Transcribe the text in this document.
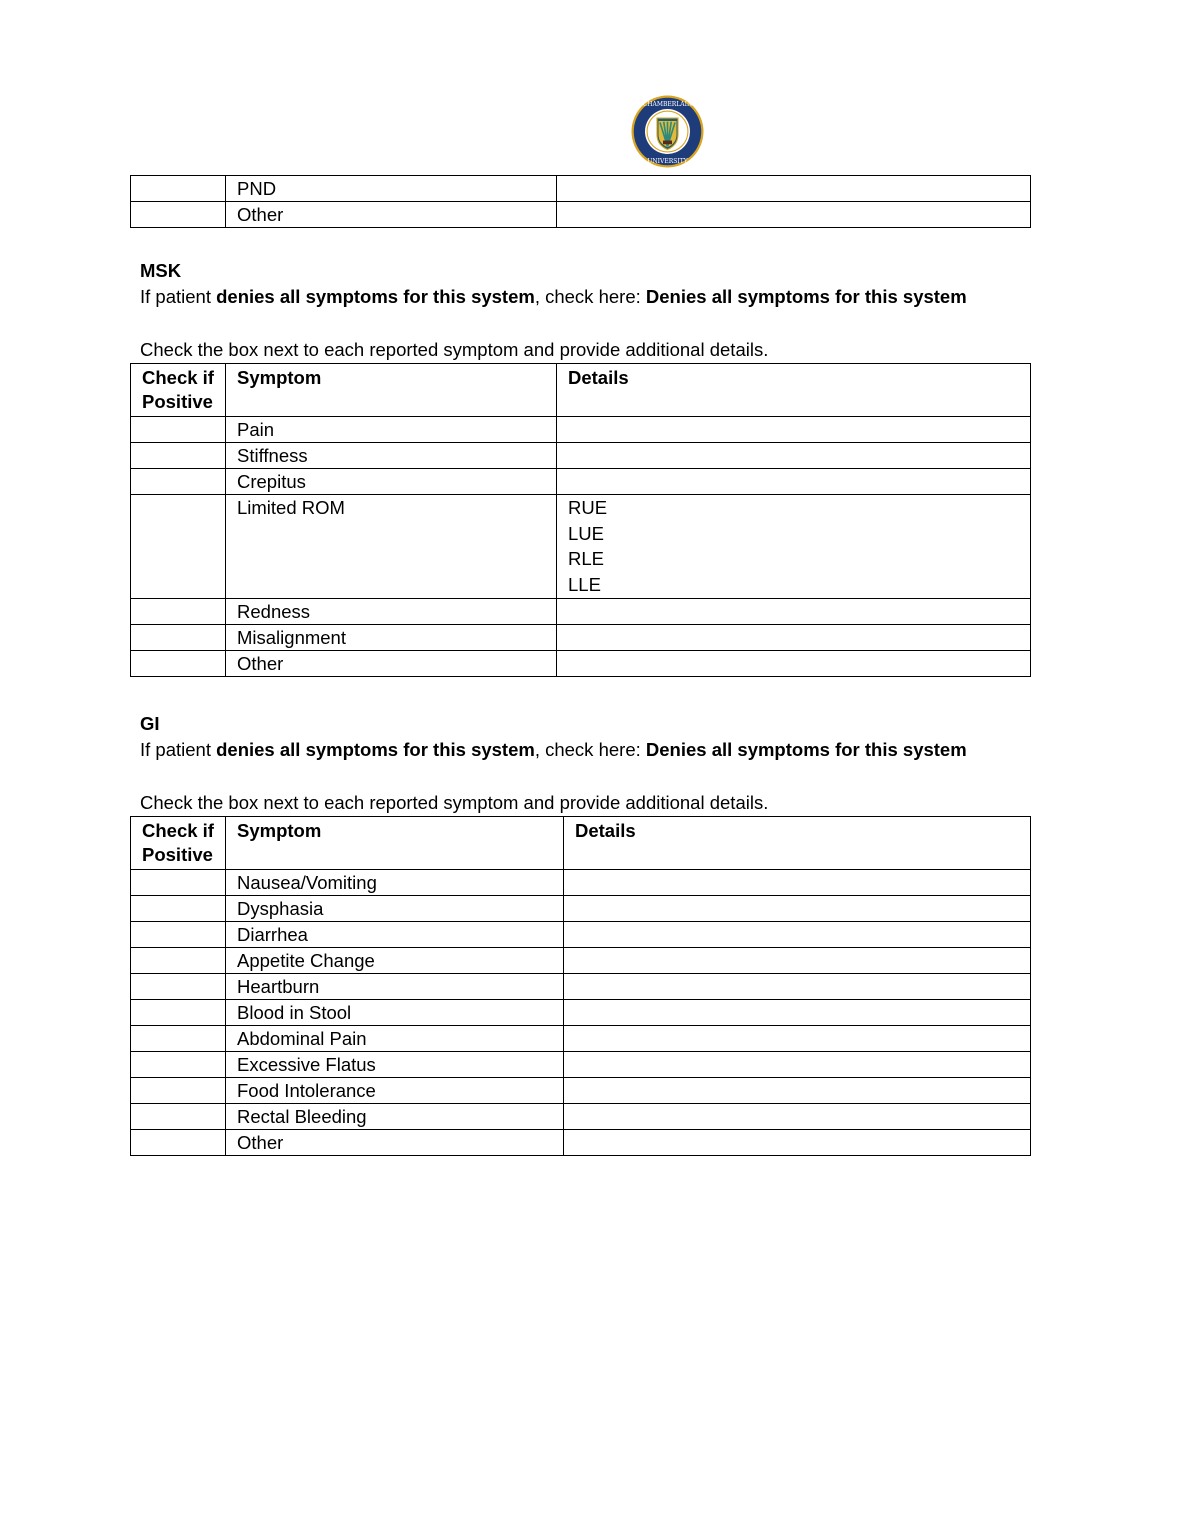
CHAMBERLAIN
UNIVERSITY
	PND	
	Other	
MSK
If patient denies all symptoms for this system, check here: Denies all symptoms for this system
Check the box next to each reported symptom and provide additional details.
Check if Positive	Symptom	Details
	Pain	
	Stiffness	
	Crepitus	
	Limited ROM	RUE
LUE
RLE
LLE

	Redness	
	Misalignment	
	Other	
GI
If patient denies all symptoms for this system, check here: Denies all symptoms for this system
Check the box next to each reported symptom and provide additional details.
Check if Positive	Symptom	Details
	Nausea/Vomiting	
	Dysphasia	
	Diarrhea	
	Appetite Change	
	Heartburn	
	Blood in Stool	
	Abdominal Pain	
	Excessive Flatus	
	Food Intolerance	
	Rectal Bleeding	
	Other	
